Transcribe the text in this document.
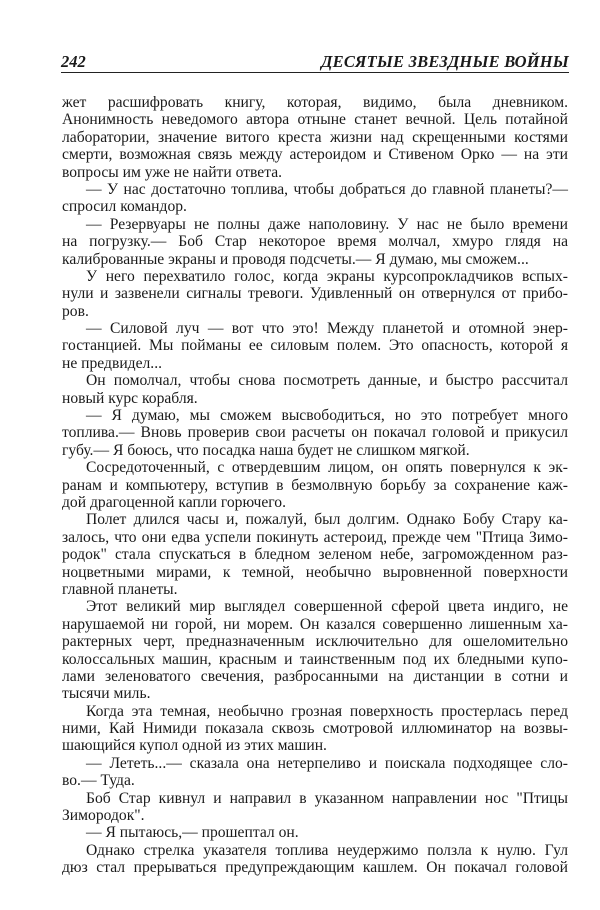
242	ДЕСЯТЫЕ ЗВЕЗДНЫЕ ВОЙНЫ
жет расшифровать книгу, которая, видимо, была дневником.
Анонимность неведомого автора отныне станет вечной. Цель потайной
лаборатории, значение витого креста жизни над скрещенными костями
смерти, возможная связь между астероидом и Стивеном Орко — на эти
вопросы им уже не найти ответа.
— У нас достаточно топлива, чтобы добраться до главной планеты?—
спросил командор.
— Резервуары не полны даже наполовину. У нас не было времени
на погрузку.— Боб Стар некоторое время молчал, хмуро глядя на
калиброванные экраны и проводя подсчеты.— Я думаю, мы сможем...
У него перехватило голос, когда экраны курсопрокладчиков вспых-
нули и зазвенели сигналы тревоги. Удивленный он отвернулся от прибо-
ров.
— Силовой луч — вот что это! Между планетой и отомной энер-
гостанцией. Мы пойманы ее силовым полем. Это опасность, которой я
не предвидел...
Он помолчал, чтобы снова посмотреть данные, и быстро рассчитал
новый курс корабля.
— Я думаю, мы сможем высвободиться, но это потребует много
топлива.— Вновь проверив свои расчеты он покачал головой и прикусил
губу.— Я боюсь, что посадка наша будет не слишком мягкой.
Сосредоточенный, с отвердевшим лицом, он опять повернулся к эк-
ранам и компьютеру, вступив в безмолвную борьбу за сохранение каж-
дой драгоценной капли горючего.
Полет длился часы и, пожалуй, был долгим. Однако Бобу Стару ка-
залось, что они едва успели покинуть астероид, прежде чем "Птица Зимо-
родок" стала спускаться в бледном зеленом небе, загроможденном раз-
ноцветными мирами, к темной, необычно выровненной поверхности
главной планеты.
Этот великий мир выглядел совершенной сферой цвета индиго, не
нарушаемой ни горой, ни морем. Он казался совершенно лишенным ха-
рактерных черт, предназначенным исключительно для ошеломительно
колоссальных машин, красным и таинственным под их бледными купо-
лами зеленоватого свечения, разбросанными на дистанции в сотни и
тысячи миль.
Когда эта темная, необычно грозная поверхность простерлась перед
ними, Кай Нимиди показала сквозь смотровой иллюминатор на возвы-
шающийся купол одной из этих машин.
— Лететь...— сказала она нетерпеливо и поискала подходящее сло-
во.— Туда.
Боб Стар кивнул и направил в указанном направлении нос "Птицы
Зимородок".
— Я пытаюсь,— прошептал он.
Однако стрелка указателя топлива неудержимо ползла к нулю. Гул
дюз стал прерываться предупреждающим кашлем. Он покачал головой
